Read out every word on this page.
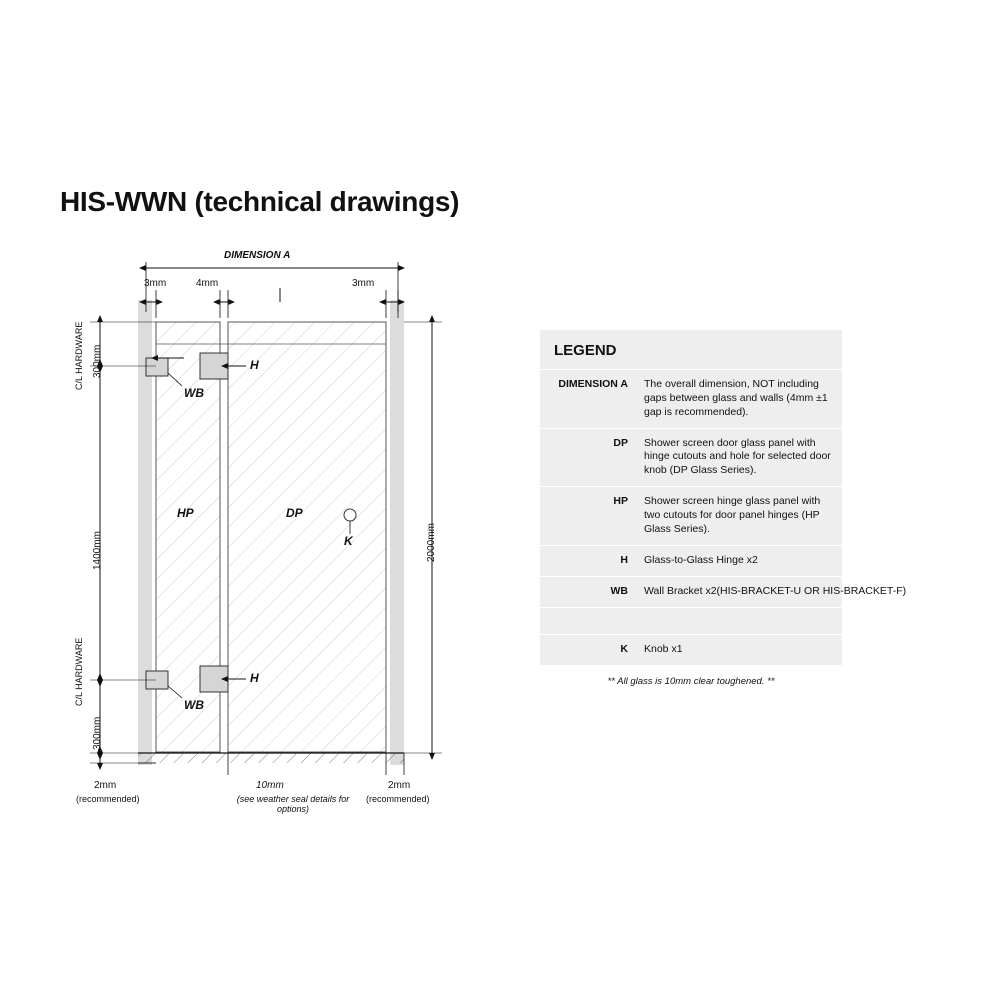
HIS-WWN (technical drawings)
DIMENSION A
3mm	4mm	3mm
C/L HARDWARE 300mm
1400mm
C/L HARDWARE
300mm
2000mm
HP	DP
H
H
WB
WB
K
2mm
(recommended)
10mm
(see weather seal details for options)
2mm
(recommended)
LEGEND
DIMENSION A	The overall dimension, NOT including gaps between glass and walls (4mm ±1 gap is recommended).
DP	Shower screen door glass panel with hinge cutouts and hole for selected door knob (DP Glass Series).
HP	Shower screen hinge glass panel with two cutouts for door panel hinges (HP Glass Series).
H	Glass-to-Glass Hinge x2
WB	Wall Bracket x2(HIS-BRACKET-U OR HIS-BRACKET-F)
K	Knob x1
** All glass is 10mm clear toughened. **
